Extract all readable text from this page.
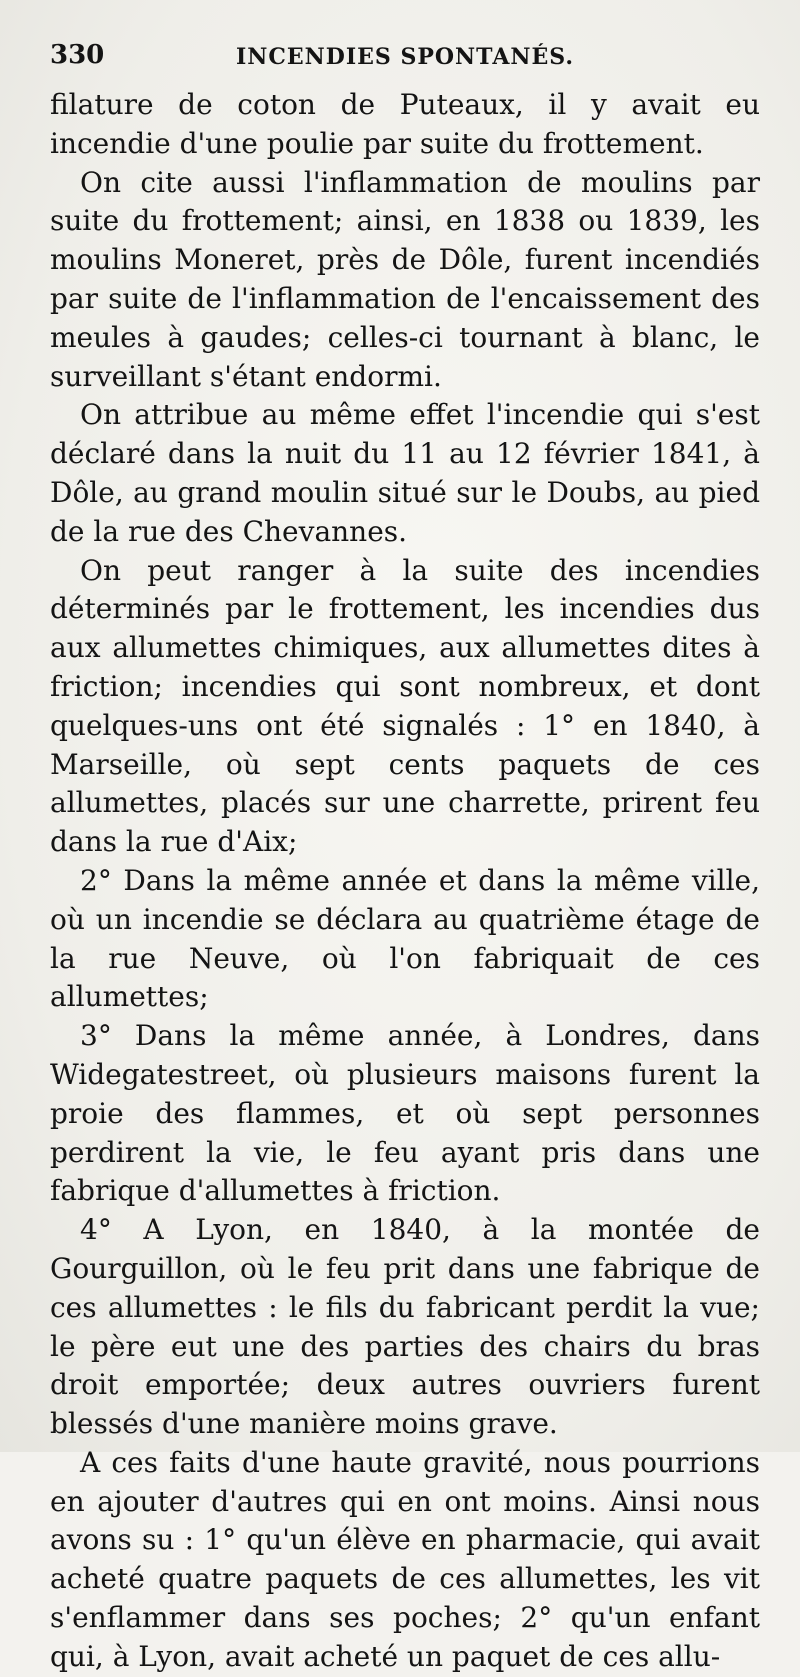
330	INCENDIES SPONTANÉS.

filature de coton de Puteaux, il y avait eu incendie d'une poulie par suite du frottement.

On cite aussi l'inflammation de moulins par suite du frottement; ainsi, en 1838 ou 1839, les moulins Moneret, près de Dôle, furent incendiés par suite de l'inflammation de l'encaissement des meules à gaudes; celles-ci tournant à blanc, le surveillant s'étant endormi.

On attribue au même effet l'incendie qui s'est déclaré dans la nuit du 11 au 12 février 1841, à Dôle, au grand moulin situé sur le Doubs, au pied de la rue des Chevannes.

On peut ranger à la suite des incendies déterminés par le frottement, les incendies dus aux allumettes chimiques, aux allumettes dites à friction; incendies qui sont nombreux, et dont quelques-uns ont été signalés : 1° en 1840, à Marseille, où sept cents paquets de ces allumettes, placés sur une charrette, prirent feu dans la rue d'Aix;

2° Dans la même année et dans la même ville, où un incendie se déclara au quatrième étage de la rue Neuve, où l'on fabriquait de ces allumettes;

3° Dans la même année, à Londres, dans Widegatestreet, où plusieurs maisons furent la proie des flammes, et où sept personnes perdirent la vie, le feu ayant pris dans une fabrique d'allumettes à friction.

4° A Lyon, en 1840, à la montée de Gourguillon, où le feu prit dans une fabrique de ces allumettes : le fils du fabricant perdit la vue; le père eut une des parties des chairs du bras droit emportée; deux autres ouvriers furent blessés d'une manière moins grave.

A ces faits d'une haute gravité, nous pourrions en ajouter d'autres qui en ont moins. Ainsi nous avons su : 1° qu'un élève en pharmacie, qui avait acheté quatre paquets de ces allumettes, les vit s'enflammer dans ses poches; 2° qu'un enfant qui, à Lyon, avait acheté un paquet de ces allu-
